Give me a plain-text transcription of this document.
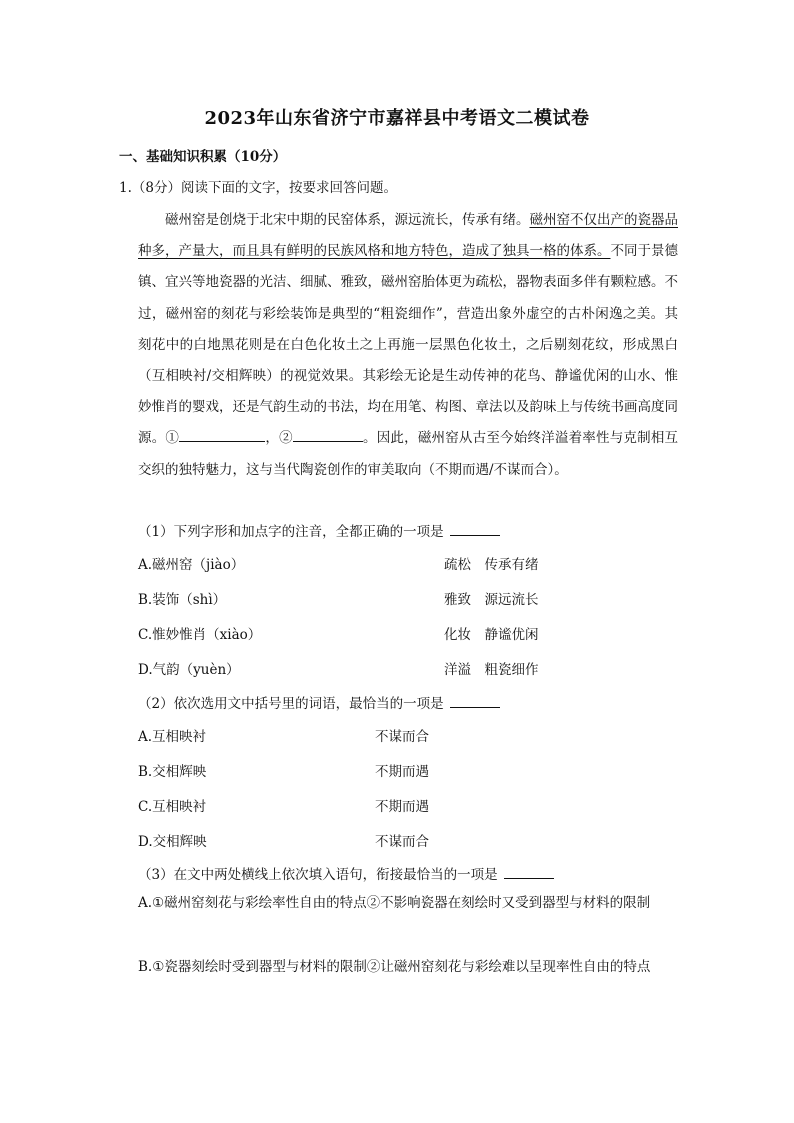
2023年山东省济宁市嘉祥县中考语文二模试卷
一、基础知识积累（10分）
1.（8分）阅读下面的文字，按要求回答问题。

磁州窑是创烧于北宋中期的民窑体系，源远流长，传承有绪。磁州窑不仅出产的瓷器品种多，产量大，而且具有鲜明的民族风格和地方特色，造成了独具一格的体系。不同于景德镇、宜兴等地瓷器的光洁、细腻、雅致，磁州窑胎体更为疏松，器物表面多伴有颗粒感。不过，磁州窑的刻花与彩绘装饰是典型的“粗瓷细作”，营造出象外虚空的古朴闲逸之美。其刻花中的白地黑花则是在白色化妆土之上再施一层黑色化妆土，之后剔刻花纹，形成黑白（互相映衬/交相辉映）的视觉效果。其彩绘无论是生动传神的花鸟、静谧优闲的山水、惟妙惟肖的婴戏，还是气韵生动的书法，均在用笔、构图、章法以及韵味上与传统书画高度同源。①	，②	。因此，磁州窑从古至今始终洋溢着率性与克制相互交织的独特魅力，这与当代陶瓷创作的审美取向（不期而遇/不谋而合）。

（1）下列字形和加点字的注音，全都正确的一项是
A.磁州窑（jiào）	疏松　传承有绪
B.装饰（shì）	雅致　源远流长
C.惟妙惟肖（xiào）	化妆　静谧优闲
D.气韵（yuèn）	洋溢　粗瓷细作
（2）依次选用文中括号里的词语，最恰当的一项是
A.互相映衬	不谋而合
B.交相辉映	不期而遇
C.互相映衬	不期而遇
D.交相辉映	不谋而合
（3）在文中两处横线上依次填入语句，衔接最恰当的一项是
A.①磁州窑刻花与彩绘率性自由的特点②不影响瓷器在刻绘时又受到器型与材料的限制
B.①瓷器刻绘时受到器型与材料的限制②让磁州窑刻花与彩绘难以呈现率性自由的特点
